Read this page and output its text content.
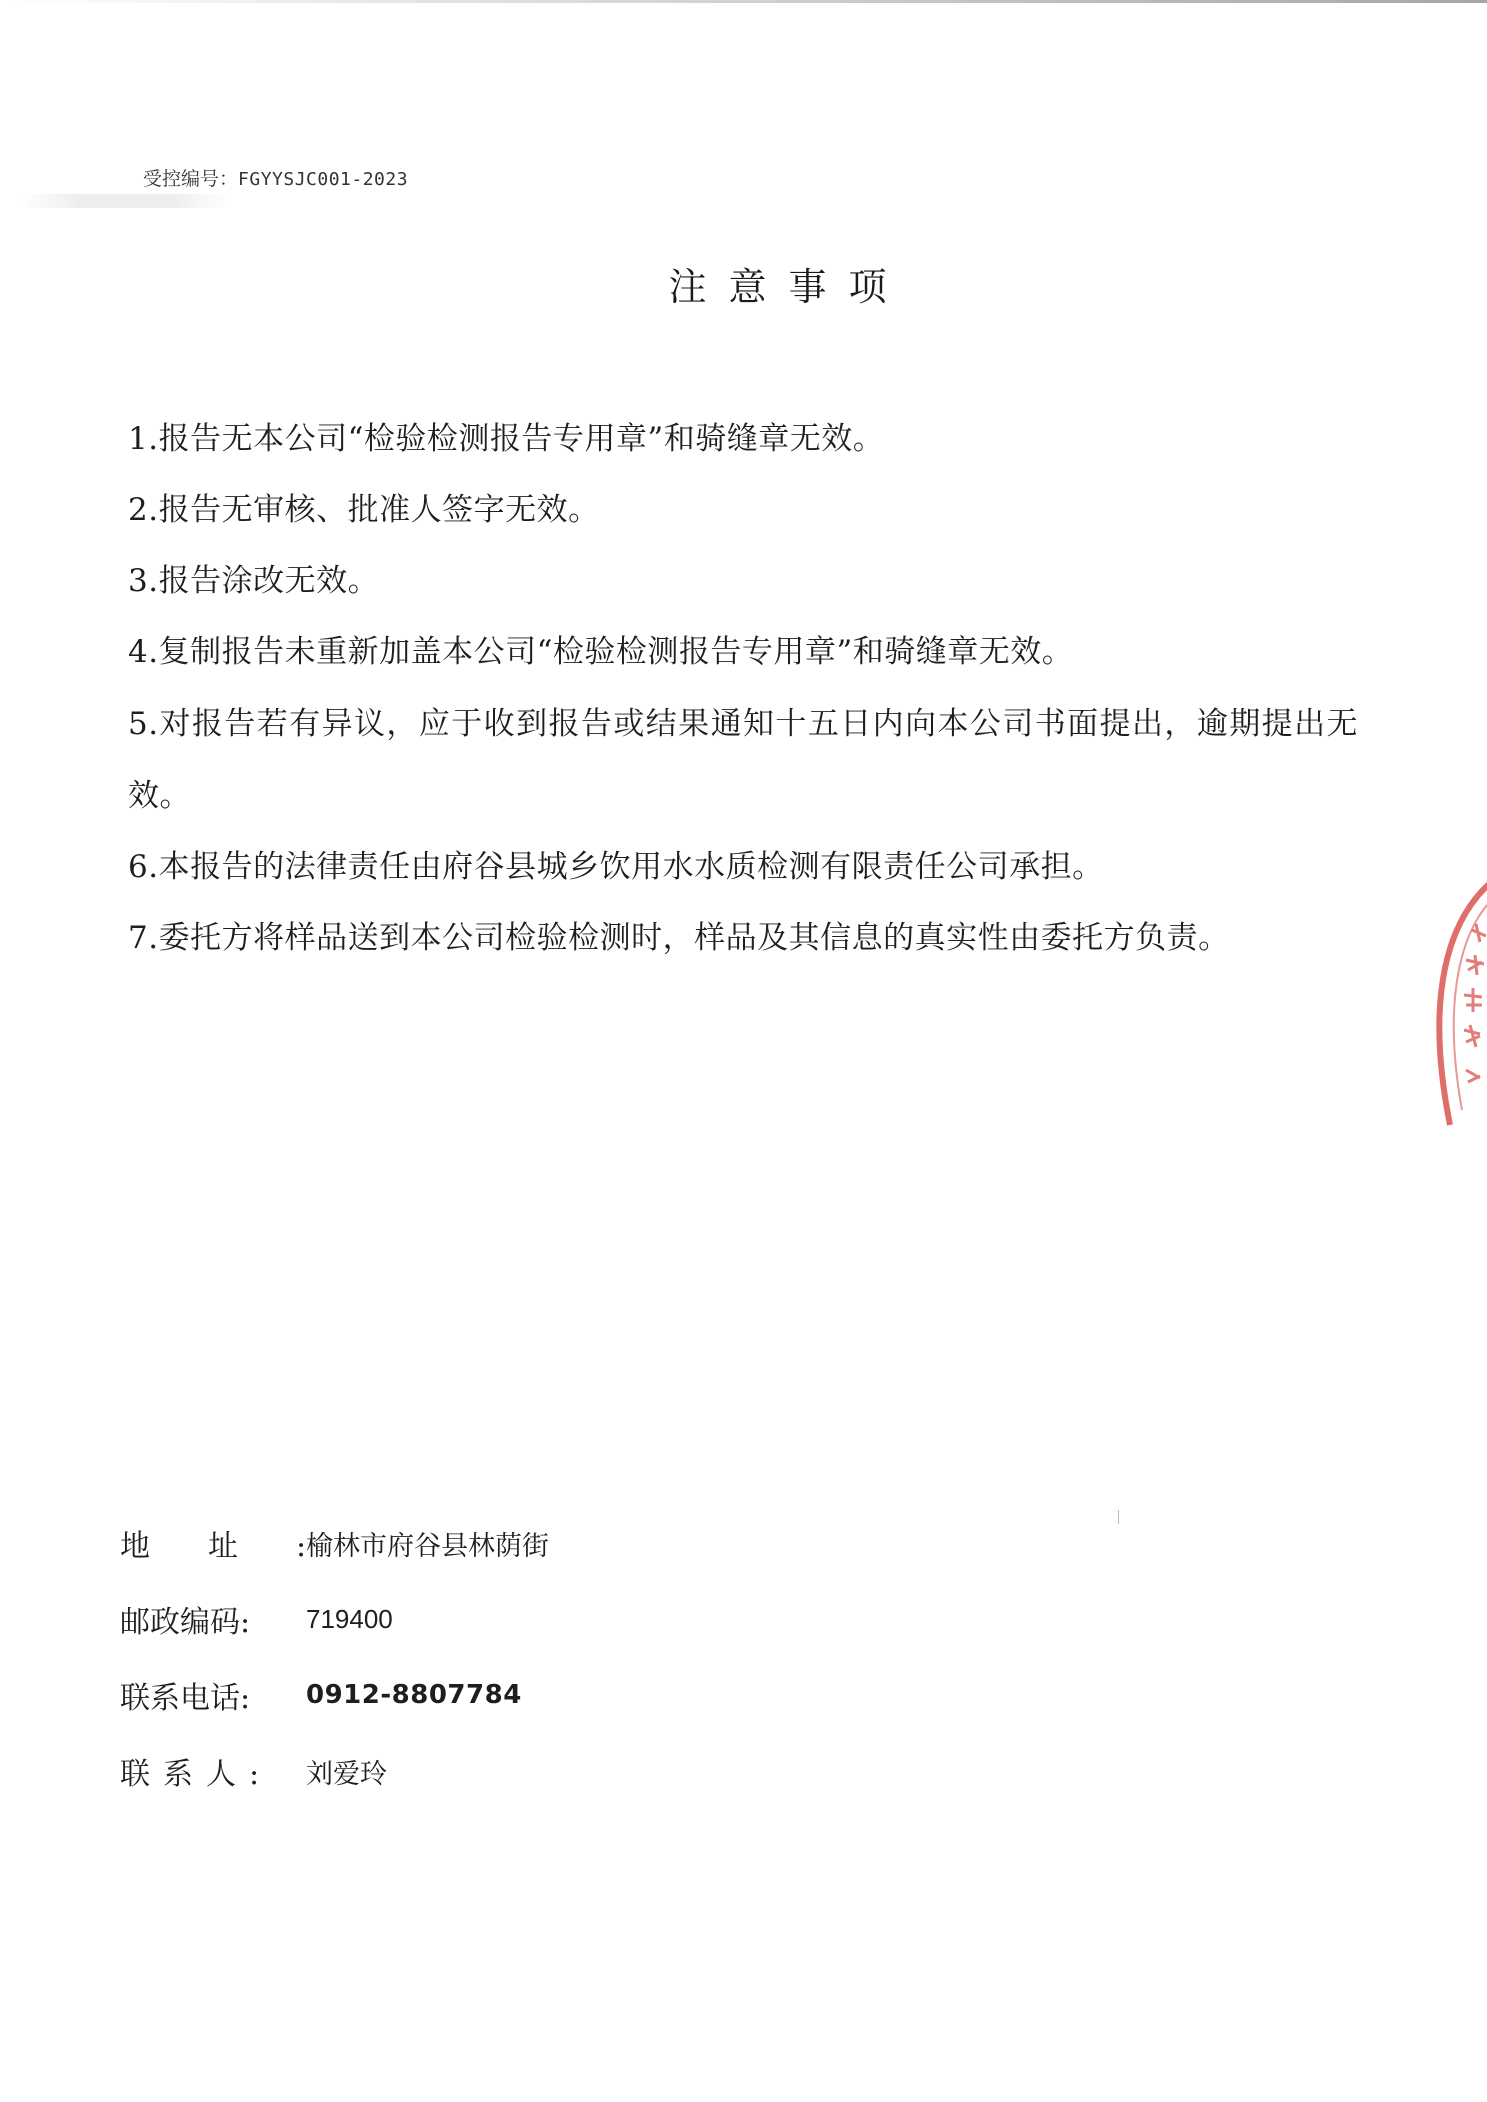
受控编号：FGYYSJC001-2023
注意事项
1.报告无本公司“检验检测报告专用章”和骑缝章无效。
2.报告无审核、批准人签字无效。
3.报告涂改无效。
4.复制报告未重新加盖本公司“检验检测报告专用章”和骑缝章无效。
5.对报告若有异议，应于收到报告或结果通知十五日内向本公司书面提出，逾期提出无效。
6.本报告的法律责任由府谷县城乡饮用水水质检测有限责任公司承担。
7.委托方将样品送到本公司检验检测时，样品及其信息的真实性由委托方负责。
地址:
榆林市府谷县林荫街
邮政编码:	719400
联系电话:	0912-8807784
联系人:	刘爱玲
